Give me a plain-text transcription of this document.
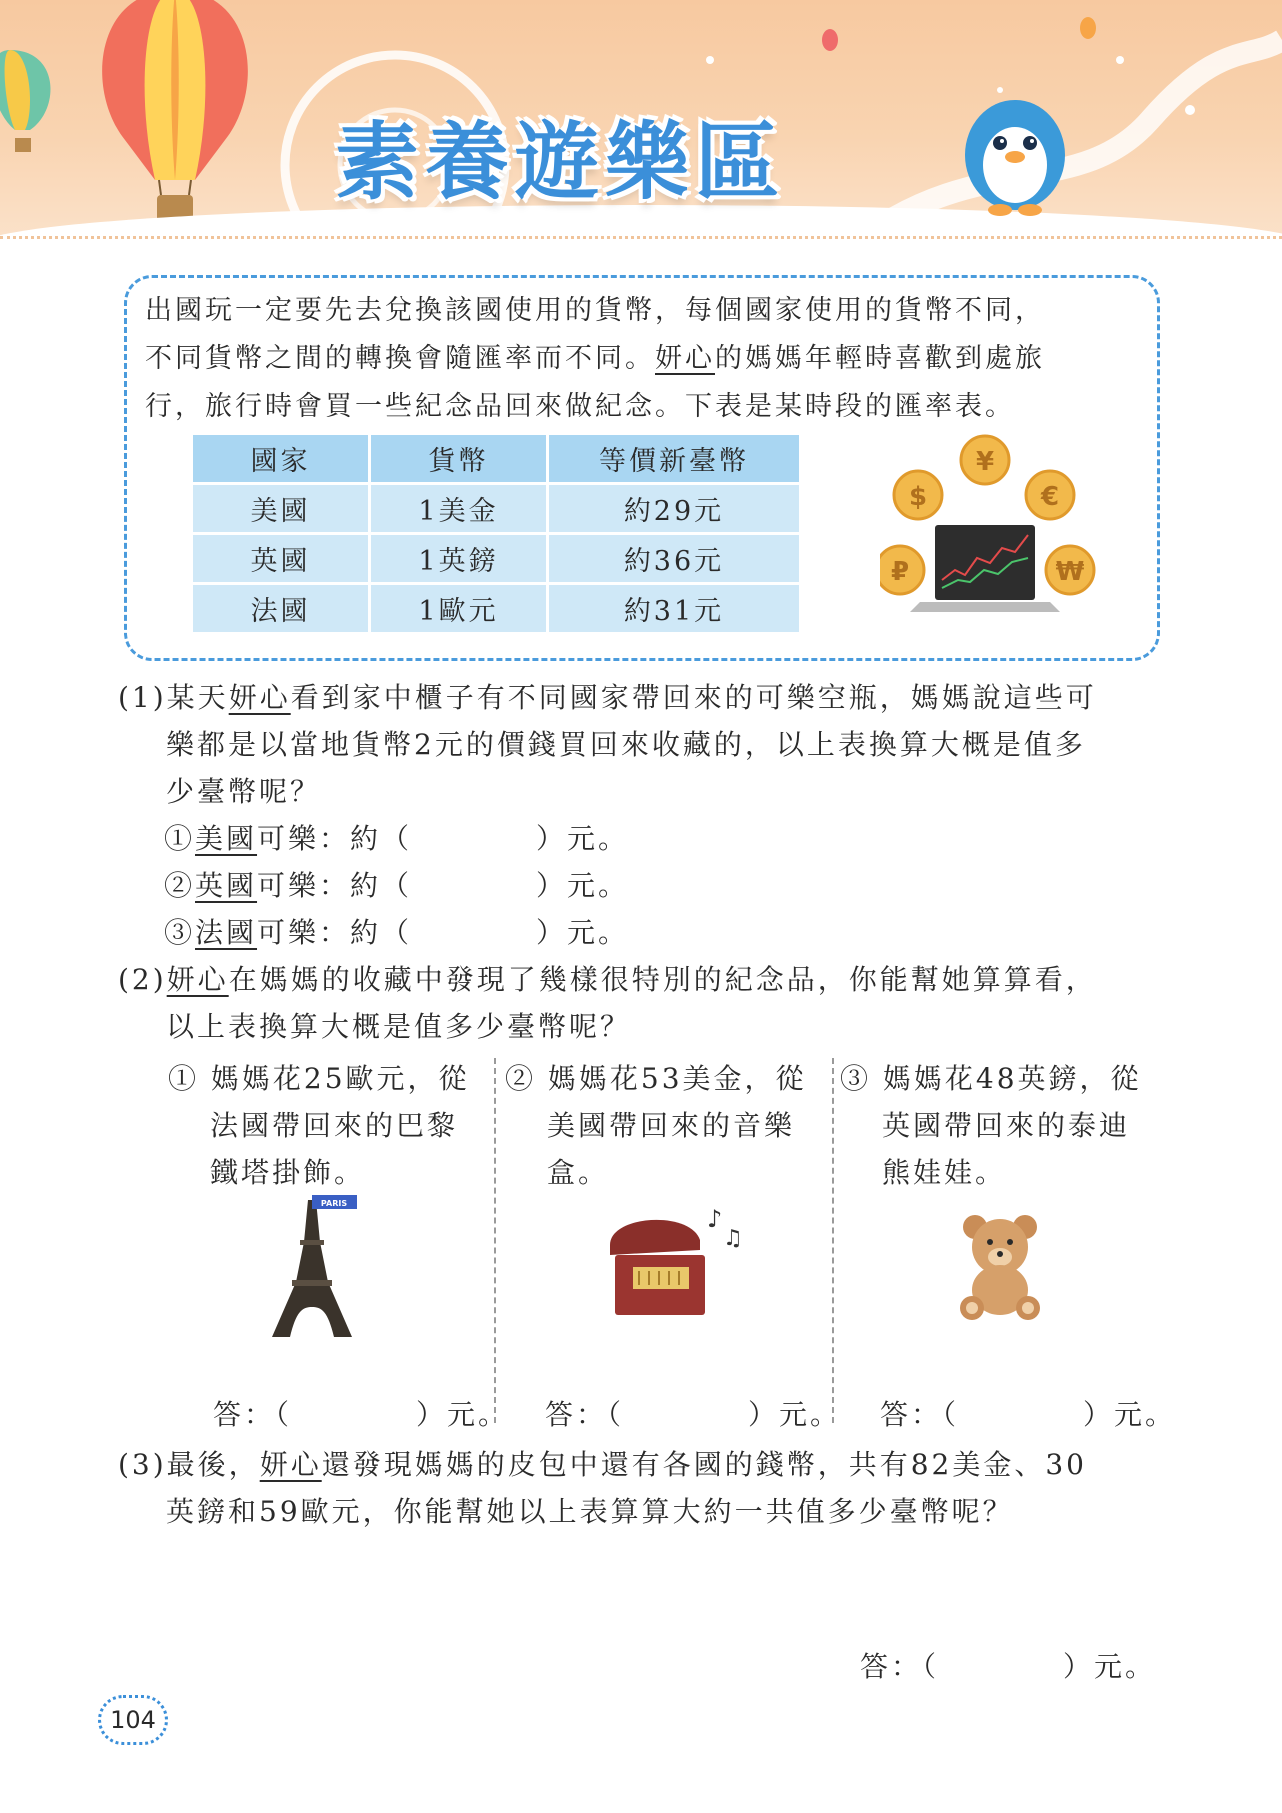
素養遊樂區
出國玩一定要先去兌換該國使用的貨幣，每個國家使用的貨幣不同，
不同貨幣之間的轉換會隨匯率而不同。妍心的媽媽年輕時喜歡到處旅
行，旅行時會買一些紀念品回來做紀念。下表是某時段的匯率表。
國家	貨幣	等價新臺幣
美國	1美金	約29元
英國	1英鎊	約36元
法國	1歐元	約31元
¥
$	€
₽	₩
(1)某天妍心看到家中櫃子有不同國家帶回來的可樂空瓶，媽媽說這些可
樂都是以當地貨幣2元的價錢買回來收藏的，以上表換算大概是值多
少臺幣呢？
①美國可樂：約（　　　　）元。
②英國可樂：約（　　　　）元。
③法國可樂：約（　　　　）元。
(2)妍心在媽媽的收藏中發現了幾樣很特別的紀念品，你能幫她算算看，
以上表換算大概是值多少臺幣呢？
① 媽媽花25歐元，從
法國帶回來的巴黎
鐵塔掛飾。
② 媽媽花53美金，從
美國帶回來的音樂
盒。
③ 媽媽花48英鎊，從
英國帶回來的泰迪
熊娃娃。
PARIS
♪
♫
答：（　　　　）元。 答：（　　　　）元。 答：（　　　　）元。
(3)最後，妍心還發現媽媽的皮包中還有各國的錢幣，共有82美金、30
英鎊和59歐元，你能幫她以上表算算大約一共值多少臺幣呢？
答：（　　　　）元。
104
